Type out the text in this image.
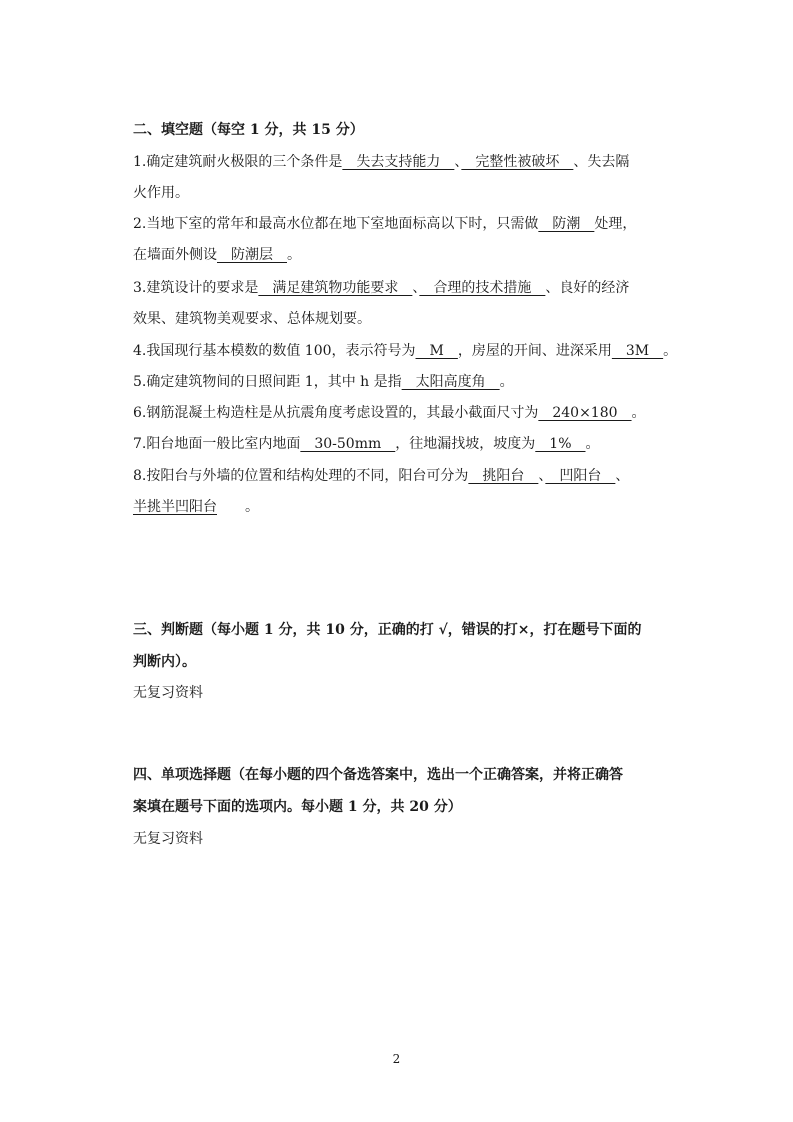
二、填空题（每空 1 分，共 15 分）
1.确定建筑耐火极限的三个条件是　失去支持能力　、　完整性被破坏　、失去隔
火作用。
2.当地下室的常年和最高水位都在地下室地面标高以下时，只需做　防潮　处理，
在墙面外侧设　防潮层　。
3.建筑设计的要求是　满足建筑物功能要求　、　合理的技术措施　、良好的经济
效果、建筑物美观要求、总体规划要。
4.我国现行基本模数的数值 100，表示符号为　M　，房屋的开间、进深采用　3M　。
5.确定建筑物间的日照间距 1，其中 h 是指　太阳高度角　。
6.钢筋混凝土构造柱是从抗震角度考虑设置的，其最小截面尺寸为　240×180　。
7.阳台地面一般比室内地面　30-50mm　，往地漏找坡，坡度为　1%　。
8.按阳台与外墙的位置和结构处理的不同，阳台可分为　挑阳台　、　凹阳台　、
半挑半凹阳台　　。
三、判断题（每小题 1 分，共 10 分，正确的打 √，错误的打×，打在题号下面的
判断内）。
无复习资料
四、单项选择题（在每小题的四个备选答案中，选出一个正确答案，并将正确答
案填在题号下面的选项内。每小题 1 分，共 20 分）
无复习资料
2
